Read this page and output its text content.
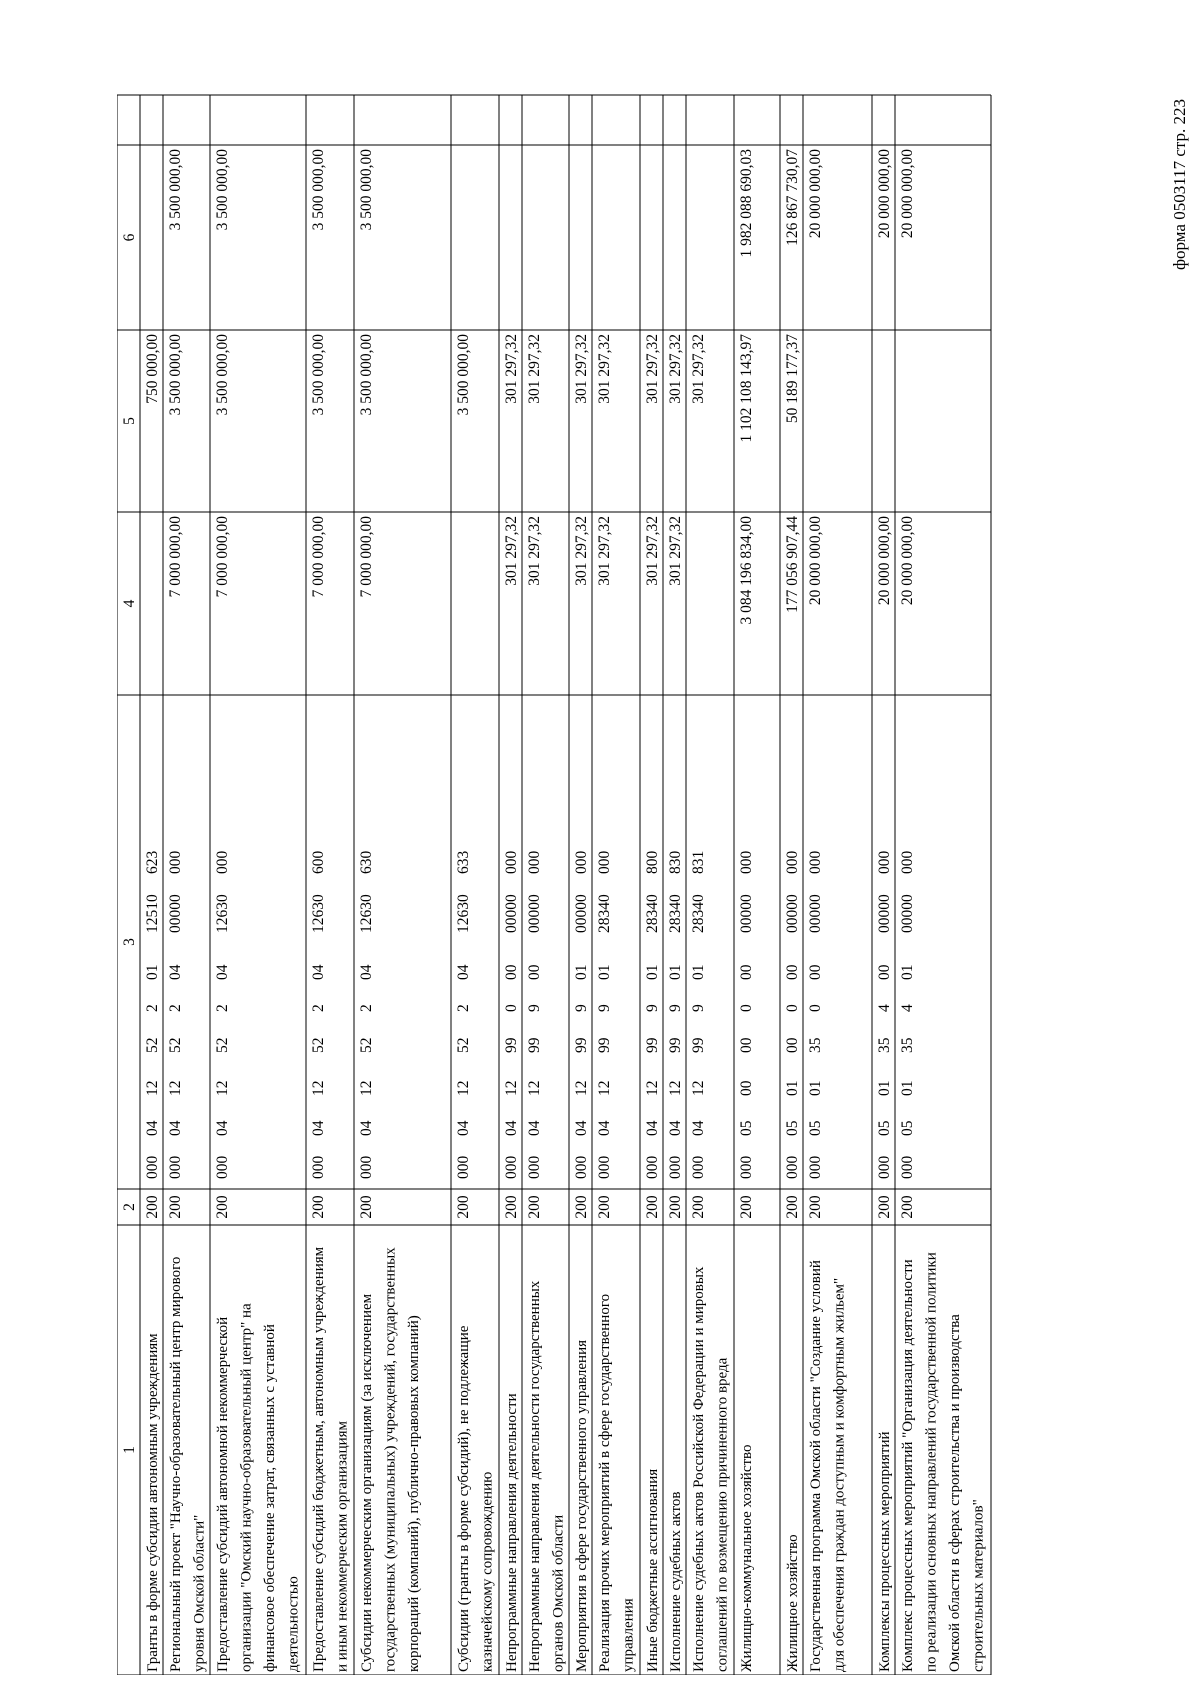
форма 0503117 стр. 223
1
2
3
4
5
6
Гранты в форме субсидии автономным учреждениям
200
000
04
12
52
2
01
12510
623
750 000,00
Региональный проект "Научно-образовательный центр мирового уровня Омской области"
200
000
04
12
52
2
04
00000
000
7 000 000,00
3 500 000,00
3 500 000,00
Предоставление субсидий автономной некоммерческой организации "Омский научно-образовательный центр" на финансовое обеспечение затрат, связанных с уставной деятельностью
200
000
04
12
52
2
04
12630
000
7 000 000,00
3 500 000,00
3 500 000,00
Предоставление субсидий бюджетным, автономным учреждениям и иным некоммерческим организациям
200
000
04
12
52
2
04
12630
600
7 000 000,00
3 500 000,00
3 500 000,00
Субсидии некоммерческим организациям (за исключением государственных (муниципальных) учреждений, государственных корпораций (компаний), публично-правовых компаний)
200
000
04
12
52
2
04
12630
630
7 000 000,00
3 500 000,00
3 500 000,00
Субсидии (гранты в форме субсидий), не подлежащие казначейскому сопровождению
200
000
04
12
52
2
04
12630
633
3 500 000,00
Непрограммные направления деятельности
200
000
04
12
99
0
00
00000
000
301 297,32
301 297,32
Непрограммные направления деятельности государственных органов Омской области
200
000
04
12
99
9
00
00000
000
301 297,32
301 297,32
Мероприятия в сфере государственного управления
200
000
04
12
99
9
01
00000
000
301 297,32
301 297,32
Реализация прочих мероприятий в сфере государственного управления
200
000
04
12
99
9
01
28340
000
301 297,32
301 297,32
Иные бюджетные ассигнования
200
000
04
12
99
9
01
28340
800
301 297,32
301 297,32
Исполнение судебных актов
200
000
04
12
99
9
01
28340
830
301 297,32
301 297,32
Исполнение судебных актов Российской Федерации и мировых соглашений по возмещению причиненного вреда
200
000
04
12
99
9
01
28340
831
301 297,32
Жилищно-коммунальное хозяйство
200
000
05
00
00
0
00
00000
000
3 084 196 834,00
1 102 108 143,97
1 982 088 690,03
Жилищное хозяйство
200
000
05
01
00
0
00
00000
000
177 056 907,44
50 189 177,37
126 867 730,07
Государственная программа Омской области "Создание условий для обеспечения граждан доступным и комфортным жильем"
200
000
05
01
35
0
00
00000
000
20 000 000,00
20 000 000,00
Комплексы процессных мероприятий
200
000
05
01
35
4
00
00000
000
20 000 000,00
20 000 000,00
Комплекс процессных мероприятий "Организация деятельности по реализации основных направлений государственной политики Омской области в сферах строительства и производства строительных материалов"
200
000
05
01
35
4
01
00000
000
20 000 000,00
20 000 000,00
